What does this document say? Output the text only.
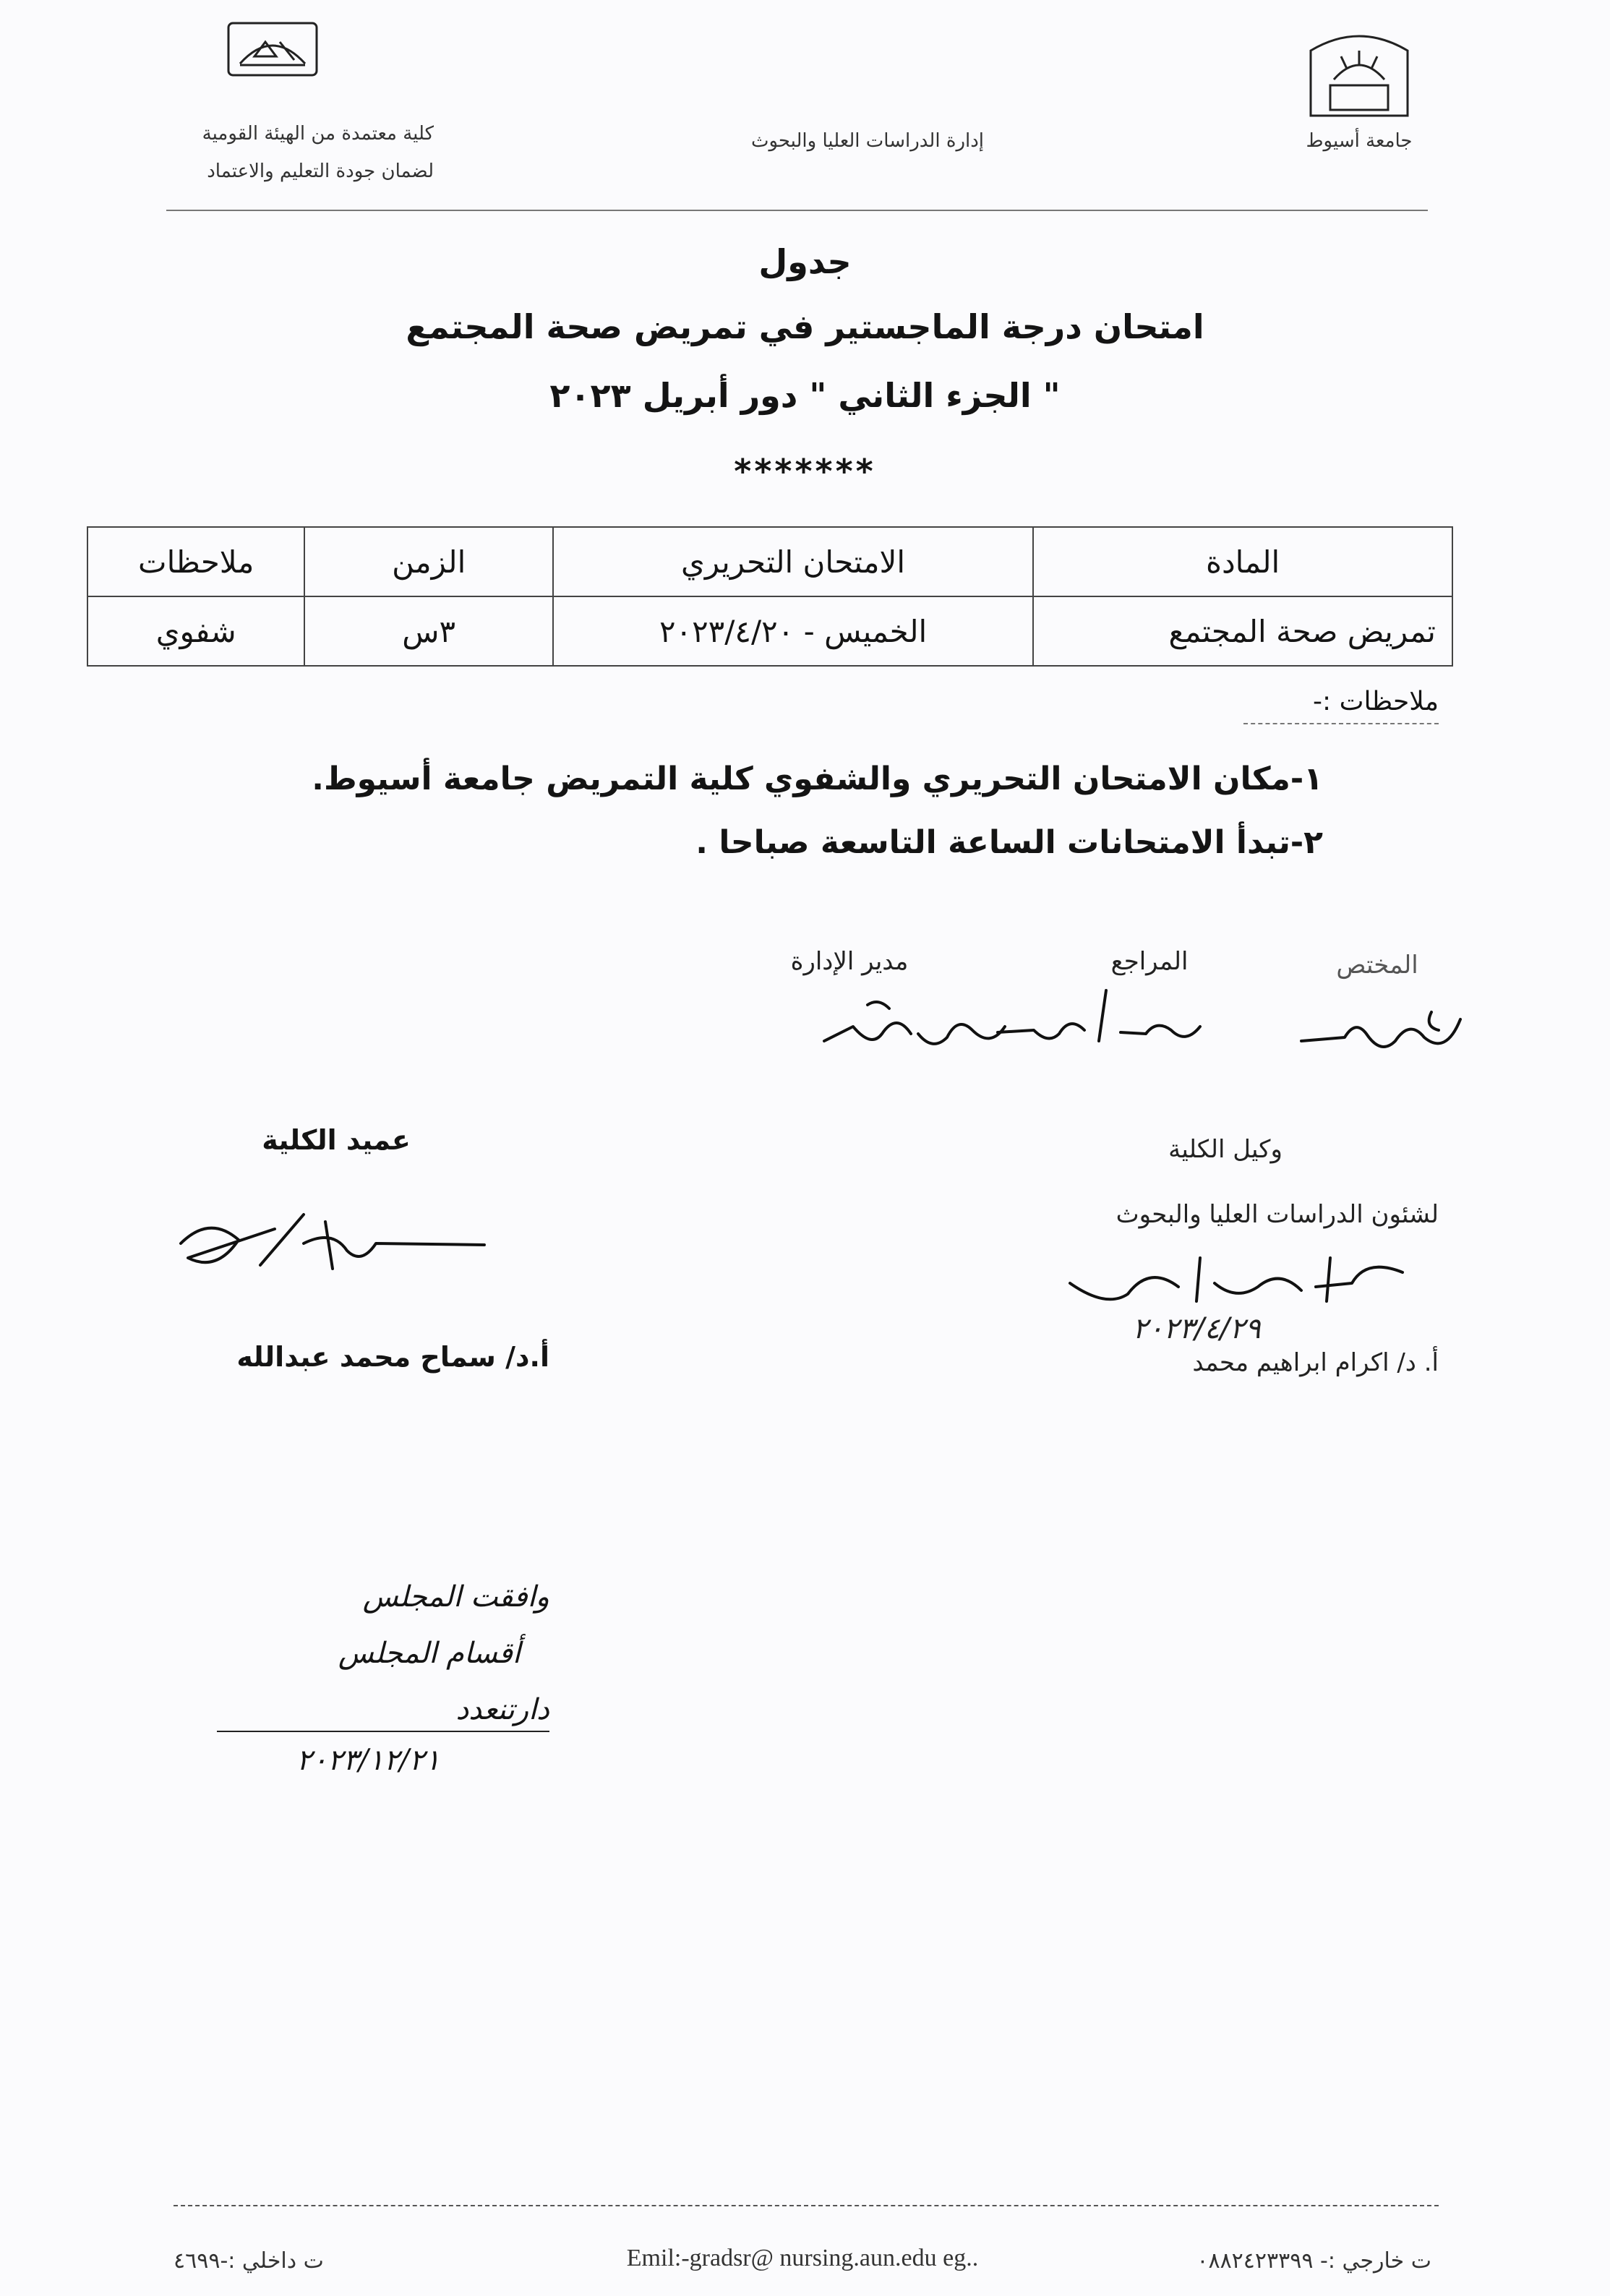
كلية معتمدة من الهيئة القومية
لضمان جودة التعليم والاعتماد
إدارة الدراسات العليا والبحوث	جامعة أسيوط
جدول
امتحان درجة الماجستير في تمريض صحة المجتمع
" الجزء الثاني " دور أبريل ٢٠٢٣
*******
المادة	الامتحان التحريري	الزمن	ملاحظات
تمريض صحة المجتمع	الخميس - ٢٠٢٣/٤/٢٠	٣س	شفوي
ملاحظات :-
١-مكان الامتحان التحريري والشفوي كلية التمريض جامعة أسيوط.
٢-تبدأ الامتحانات الساعة التاسعة صباحا .
المختص
المراجع
مدير الإدارة
وكيل الكلية
لشئون الدراسات العليا والبحوث
عميد الكلية
٢٠٢٣/٤/٢٩
أ. د/ اكرام ابراهيم محمد
أ.د/ سماح محمد عبدالله
وافقت المجلس
أقسام المجلس
دارتنعدد
٢٠٢٣/١٢/٢١
ت خارجي :- ٠٨٨٢٤٢٣٣٩٩
Emil:-gradsr@ nursing.aun.edu eg..
ت داخلي :-٤٦٩٩
